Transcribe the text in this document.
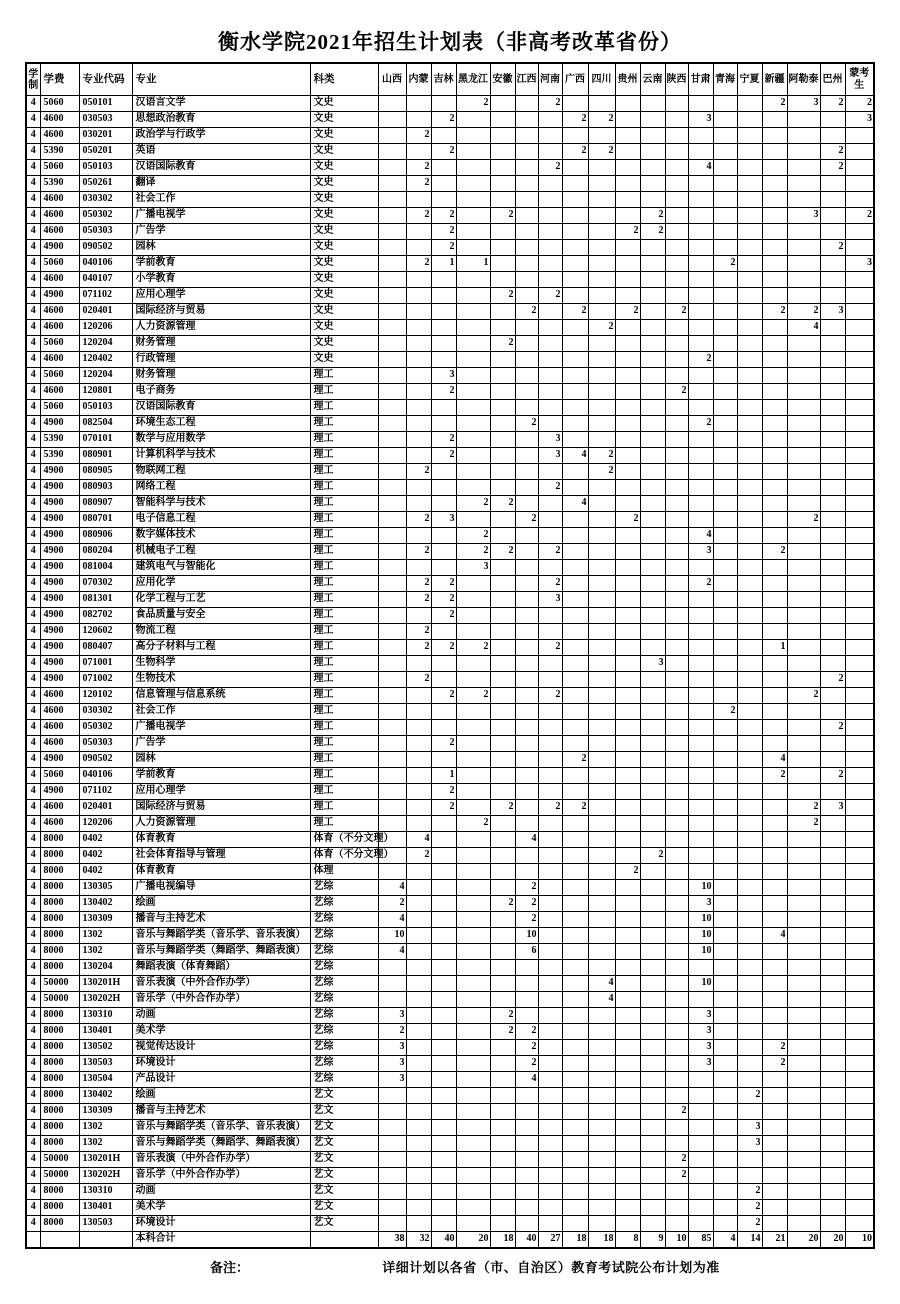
衡水学院2021年招生计划表（非高考改革省份）
学制	学费	专业代码	专业	科类	山西	内蒙	吉林	黑龙江	安徽	江西	河南	广西	四川	贵州	云南	陕西	甘肃	青海	宁夏	新疆	阿勒泰	巴州	蒙考生
4	5060	050101	汉语言文学	文史				2			2									2	3	2	2
4	4600	030503	思想政治教育	文史			2					2	2				3						3
4	4600	030201	政治学与行政学	文史		2																	
4	5390	050201	英语	文史			2					2	2									2	
4	5060	050103	汉语国际教育	文史		2					2						4					2	
4	5390	050261	翻译	文史		2																	
4	4600	030302	社会工作	文史																			
4	4600	050302	广播电视学	文史		2	2		2						2						3		2
4	4600	050303	广告学	文史			2							2	2								
4	4900	090502	园林	文史			2															2	
4	5060	040106	学前教育	文史		2	1	1										2					3
4	4600	040107	小学教育	文史																			
4	4900	071102	应用心理学	文史					2		2												
4	4600	020401	国际经济与贸易	文史						2		2		2		2				2	2	3	
4	4600	120206	人力资源管理	文史									2								4		
4	5060	120204	财务管理	文史					2														
4	4600	120402	行政管理	文史													2						
4	5060	120204	财务管理	理工			3																
4	4600	120801	电子商务	理工			2									2							
4	5060	050103	汉语国际教育	理工																			
4	4900	082504	环境生态工程	理工						2							2						
4	5390	070101	数学与应用数学	理工			2				3												
4	5390	080901	计算机科学与技术	理工			2				3	4	2										
4	4900	080905	物联网工程	理工		2							2										
4	4900	080903	网络工程	理工							2												
4	4900	080907	智能科学与技术	理工				2	2			4											
4	4900	080701	电子信息工程	理工		2	3			2				2							2		
4	4900	080906	数字媒体技术	理工				2									4						
4	4900	080204	机械电子工程	理工		2		2	2		2						3			2			
4	4900	081004	建筑电气与智能化	理工				3															
4	4900	070302	应用化学	理工		2	2				2						2						
4	4900	081301	化学工程与工艺	理工		2	2				3												
4	4900	082702	食品质量与安全	理工			2																
4	4900	120602	物流工程	理工		2																	
4	4900	080407	高分子材料与工程	理工		2	2	2			2									1			
4	4900	071001	生物科学	理工											3								
4	4900	071002	生物技术	理工		2																2	
4	4600	120102	信息管理与信息系统	理工			2	2			2										2		
4	4600	030302	社会工作	理工														2					
4	4600	050302	广播电视学	理工																		2	
4	4600	050303	广告学	理工			2																
4	4900	090502	园林	理工								2								4			
4	5060	040106	学前教育	理工			1													2		2	
4	4900	071102	应用心理学	理工			2																
4	4600	020401	国际经济与贸易	理工			2		2		2	2									2	3	
4	4600	120206	人力资源管理	理工				2													2		
4	8000	0402	体育教育	体育（不分文理）		4				4													
4	8000	0402	社会体育指导与管理	体育（不分文理）		2									2								
4	8000	0402	体育教育	体理										2									
4	8000	130305	广播电视编导	艺综	4					2							10						
4	8000	130402	绘画	艺综	2				2	2							3						
4	8000	130309	播音与主持艺术	艺综	4					2							10						
4	8000	1302	音乐与舞蹈学类（音乐学、音乐表演）	艺综	10					10							10			4			
4	8000	1302	音乐与舞蹈学类（舞蹈学、舞蹈表演）	艺综	4					6							10						
4	8000	130204	舞蹈表演（体育舞蹈）	艺综																			
4	50000	130201H	音乐表演（中外合作办学）	艺综									4				10						
4	50000	130202H	音乐学（中外合作办学）	艺综									4										
4	8000	130310	动画	艺综	3				2								3						
4	8000	130401	美术学	艺综	2				2	2							3						
4	8000	130502	视觉传达设计	艺综	3					2							3			2			
4	8000	130503	环境设计	艺综	3					2							3			2			
4	8000	130504	产品设计	艺综	3					4													
4	8000	130402	绘画	艺文															2				
4	8000	130309	播音与主持艺术	艺文												2							
4	8000	1302	音乐与舞蹈学类（音乐学、音乐表演）	艺文															3				
4	8000	1302	音乐与舞蹈学类（舞蹈学、舞蹈表演）	艺文															3				
4	50000	130201H	音乐表演（中外合作办学）	艺文												2							
4	50000	130202H	音乐学（中外合作办学）	艺文												2							
4	8000	130310	动画	艺文															2				
4	8000	130401	美术学	艺文															2				
4	8000	130503	环境设计	艺文															2				
			本科合计		38	32	40	20	18	40	27	18	18	8	9	10	85	4	14	21	20	20	10
备注：	详细计划以各省（市、自治区）教育考试院公布计划为准
